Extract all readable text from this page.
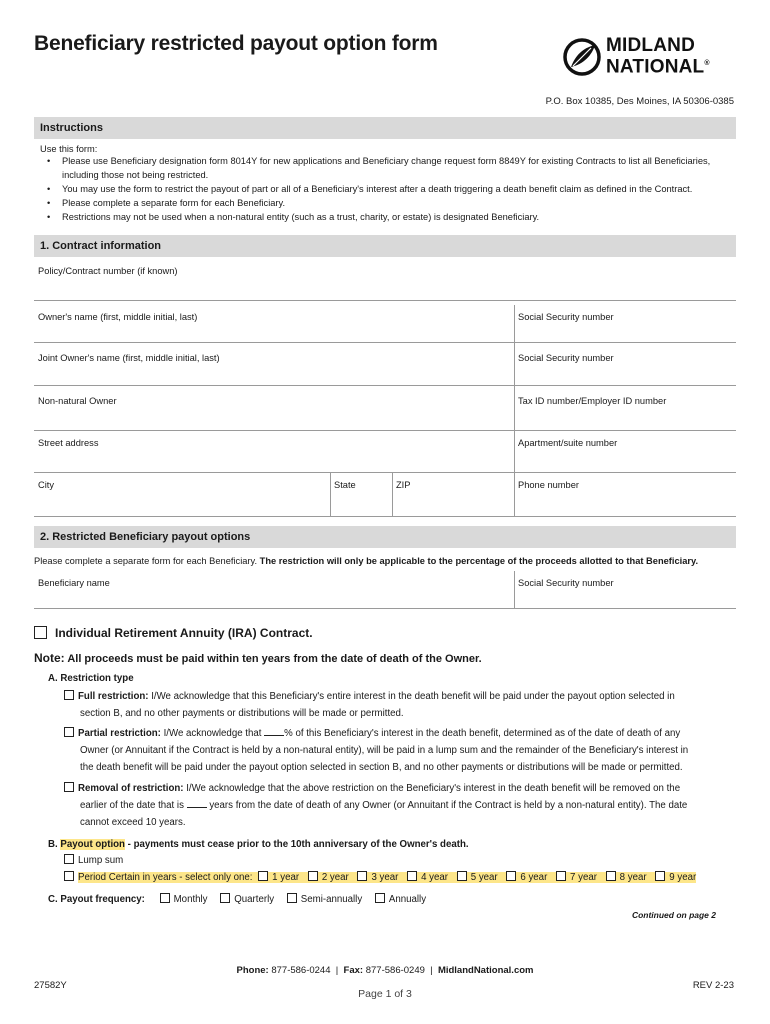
Beneficiary restricted payout option form	MIDLAND
NATIONAL®
P.O. Box 10385, Des Moines, IA 50306-0385
Instructions
Use this form:
• Please use Beneficiary designation form 8014Y for new applications and Beneficiary change request form 8849Y for existing Contracts to list all Beneficiaries, including those not being restricted.
• You may use the form to restrict the payout of part or all of a Beneficiary's interest after a death triggering a death benefit claim as defined in the Contract.
• Please complete a separate form for each Beneficiary.
• Restrictions may not be used when a non-natural entity (such as a trust, charity, or estate) is designated Beneficiary.
1. Contract information
Policy/Contract number (if known)
Owner's name (first, middle initial, last)	Social Security number
Joint Owner's name (first, middle initial, last)	Social Security number
Non-natural Owner	Tax ID number/Employer ID number
Street address	Apartment/suite number
City	State	ZIP	Phone number
2. Restricted Beneficiary payout options
Please complete a separate form for each Beneficiary. The restriction will only be applicable to the percentage of the proceeds allotted to that Beneficiary.
Beneficiary name	Social Security number
Individual Retirement Annuity (IRA) Contract.
Note: All proceeds must be paid within ten years from the date of death of the Owner.
A. Restriction type
Full restriction: I/We acknowledge that this Beneficiary's entire interest in the death benefit will be paid under the payout option selected in
section B, and no other payments or distributions will be made or permitted.
Partial restriction: I/We acknowledge that % of this Beneficiary's interest in the death benefit, determined as of the date of death of any
Owner (or Annuitant if the Contract is held by a non-natural entity), will be paid in a lump sum and the remainder of the Beneficiary's interest in
the death benefit will be paid under the payout option selected in section B, and no other payments or distributions will be made or permitted.
Removal of restriction: I/We acknowledge that the above restriction on the Beneficiary's interest in the death benefit will be removed on the
earlier of the date that is  years from the date of death of any Owner (or Annuitant if the Contract is held by a non-natural entity). The date
cannot exceed 10 years.
B. Payout option - payments must cease prior to the 10th anniversary of the Owner's death.
Lump sum
Period Certain in years - select only one: 1 year 2 year 3 year 4 year 5 year 6 year 7 year 8 year 9 year
C. Payout frequency:	Monthly	Quarterly	Semi-annually	Annually
Continued on page 2
Phone: 877-586-0244  |  Fax: 877-586-0249  |  MidlandNational.com
27582Y
Page 1 of 3
REV 2-23
